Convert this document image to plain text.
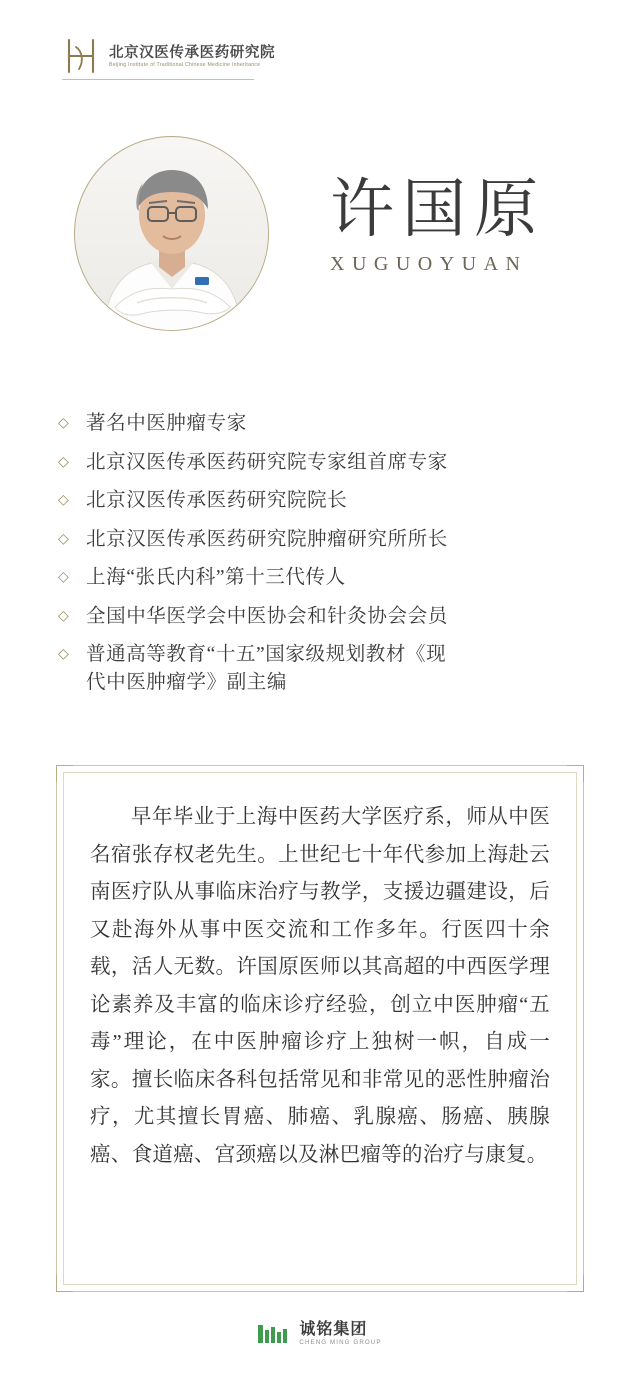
北京汉医传承医药研究院
Beijing Institute of Traditional Chinese Medicine Inheritance
许国原
XUGUOYUAN
◇ 著名中医肿瘤专家
◇ 北京汉医传承医药研究院专家组首席专家
◇ 北京汉医传承医药研究院院长
◇ 北京汉医传承医药研究院肿瘤研究所所长
◇ 上海“张氏内科”第十三代传人
◇ 全国中华医学会中医协会和针灸协会会员
◇ 普通高等教育“十五”国家级规划教材《现
代中医肿瘤学》副主编
早年毕业于上海中医药大学医疗系，师从中医名宿张存权老先生。上世纪七十年代参加上海赴云南医疗队从事临床治疗与教学，支援边疆建设，后又赴海外从事中医交流和工作多年。行医四十余载，活人无数。许国原医师以其高超的中西医学理论素养及丰富的临床诊疗经验，创立中医肿瘤“五毒”理论，在中医肿瘤诊疗上独树一帜，自成一家。擅长临床各科包括常见和非常见的恶性肿瘤治疗，尤其擅长胃癌、肺癌、乳腺癌、肠癌、胰腺癌、食道癌、宫颈癌以及淋巴瘤等的治疗与康复。
诚铭集团
CHENG MING GROUP
